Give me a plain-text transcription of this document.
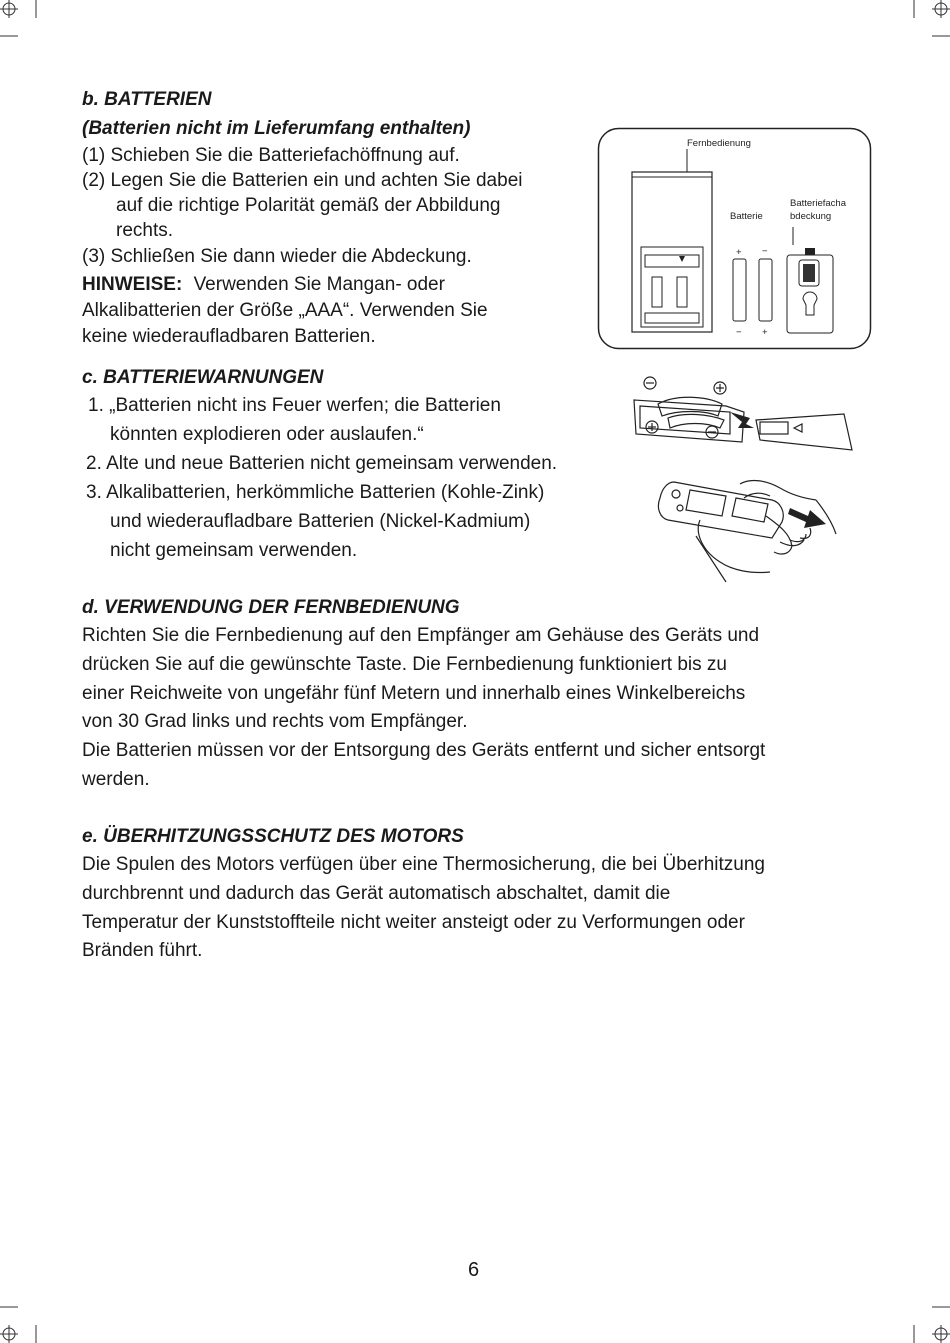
b. BATTERIEN
(Batterien nicht im Lieferumfang enthalten)
(1) Schieben Sie die Batteriefachöffnung auf.
(2) Legen Sie die Batterien ein und achten Sie dabei
auf die richtige Polarität gemäß der Abbildung
rechts.
(3) Schließen Sie dann wieder die Abdeckung.
HINWEISE: Verwenden Sie Mangan- oder
Alkalibatterien der Größe „AAA“. Verwenden Sie
keine wiederaufladbaren Batterien.
Fernbedienung
Batterie
+ −
− +
Batteriefacha
bdeckung
c. BATTERIEWARNUNGEN
1. „Batterien nicht ins Feuer werfen; die Batterien
könnten explodieren oder auslaufen.“
2. Alte und neue Batterien nicht gemeinsam verwenden.
3. Alkalibatterien, herkömmliche Batterien (Kohle-Zink)
und wiederaufladbare Batterien (Nickel-Kadmium)
nicht gemeinsam verwenden.
d. VERWENDUNG DER FERNBEDIENUNG
Richten Sie die Fernbedienung auf den Empfänger am Gehäuse des Geräts und
drücken Sie auf die gewünschte Taste. Die Fernbedienung funktioniert bis zu
einer Reichweite von ungefähr fünf Metern und innerhalb eines Winkelbereichs
von 30 Grad links und rechts vom Empfänger.
Die Batterien müssen vor der Entsorgung des Geräts entfernt und sicher entsorgt
werden.
e. ÜBERHITZUNGSSCHUTZ DES MOTORS
Die Spulen des Motors verfügen über eine Thermosicherung, die bei Überhitzung
durchbrennt und dadurch das Gerät automatisch abschaltet, damit die
Temperatur der Kunststoffteile nicht weiter ansteigt oder zu Verformungen oder
Bränden führt.
6
